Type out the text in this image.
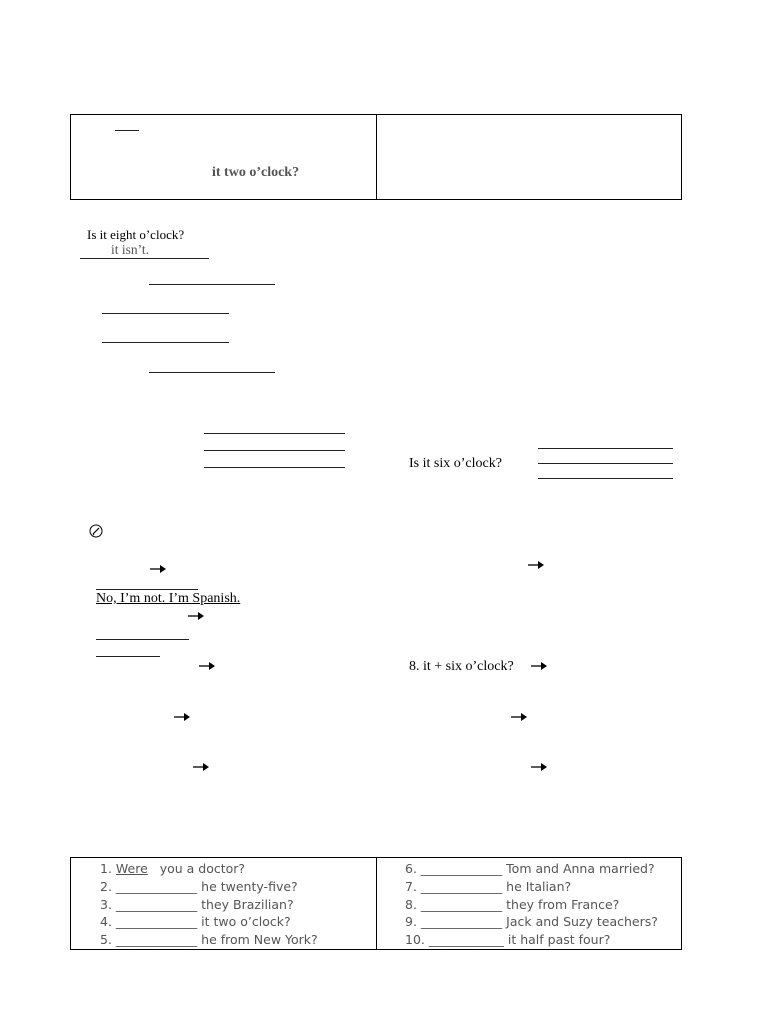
it two o’clock?
Is it eight o’clock?
it isn’t.
Is it six o’clock?
No, I’m not. I’m Spanish.
8. it + six o’clock?
1. Were you a doctor?
2. _____________ he twenty-five?
3. _____________ they Brazilian?
4. _____________ it two o’clock?
5. _____________ he from New York?
6. _____________ Tom and Anna married?
7. _____________ he Italian?
8. _____________ they from France?
9. _____________ Jack and Suzy teachers?
10. ____________ it half past four?
